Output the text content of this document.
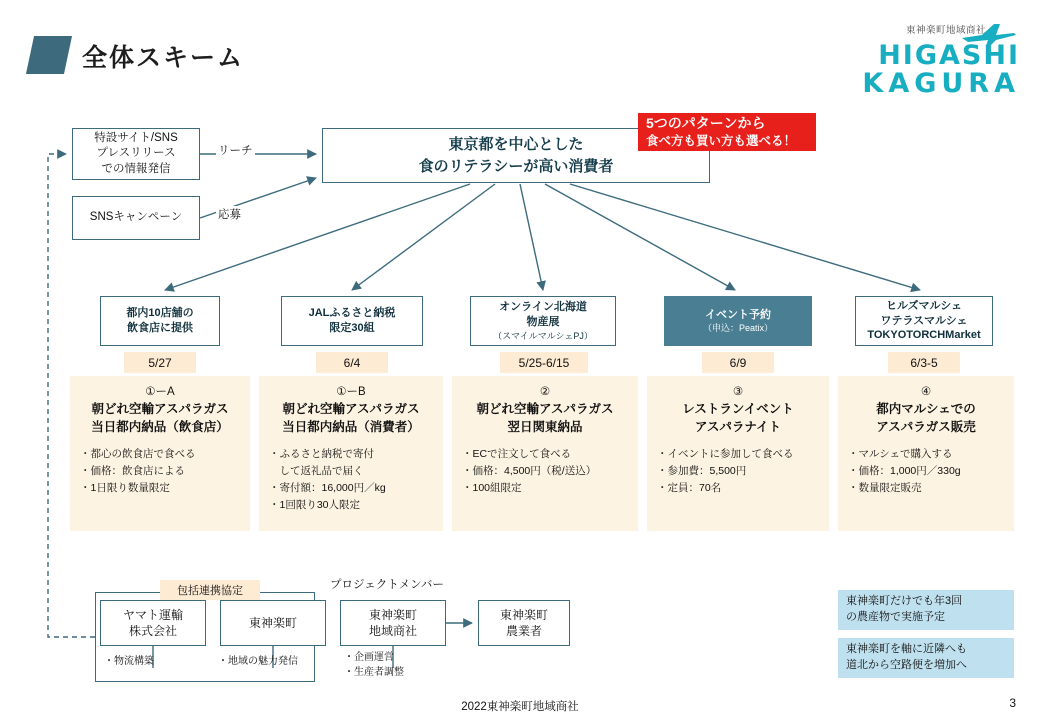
全体スキーム
東神楽町地域商社
HIGASHI
KAGURA
特設サイト/SNS
プレスリリース
での情報発信
SNSキャンペーン
リーチ
応募
東京都を中心とした
食のリテラシーが高い消費者
5つのパターンから
食べ方も買い方も選べる！
都内10店舗の
飲食店に提供
JALふるさと納税
限定30組
オンライン北海道
物産展
（スマイルマルシェPJ）
イベント予約
（申込：Peatix）
ヒルズマルシェ
ワテラスマルシェ
TOKYOTORCHMarket
5/27	6/4	5/25-6/15	6/9	6/3-5
①ーA
朝どれ空輸アスパラガス
当日都内納品（飲食店）
・都心の飲食店で食べる
・価格：飲食店による
・1日限り数量限定
①ーB
朝どれ空輸アスパラガス
当日都内納品（消費者）
・ふるさと納税で寄付
　して返礼品で届く
・寄付額：16,000円／kg
・1回限り30人限定
②
朝どれ空輸アスパラガス
翌日関東納品
・ECで注文して食べる
・価格：4,500円（税/送込）
・100組限定
③
レストランイベント
アスパラナイト
・イベントに参加して食べる
・参加費：5,500円
・定員：70名
④
都内マルシェでの
アスパラガス販売
・マルシェで購入する
・価格：1,000円／330g
・数量限定販売
包括連携協定	プロジェクトメンバー
ヤマト運輸
株式会社
東神楽町
東神楽町
地域商社
東神楽町
農業者
・物流構築	・地域の魅力発信	・企画運営
・生産者調整
東神楽町だけでも年3回
の農産物で実施予定
東神楽町を軸に近隣へも
道北から空路便を増加へ
2022東神楽町地域商社	3
